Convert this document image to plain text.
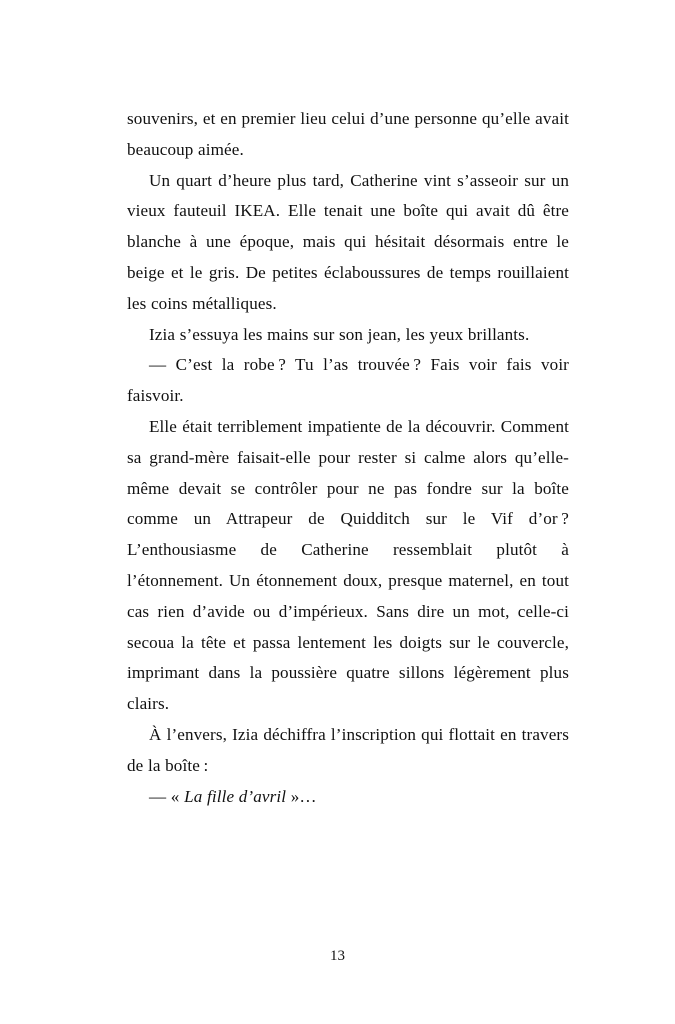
souvenirs, et en premier lieu celui d’une personne qu’elle avait beaucoup aimée.

Un quart d’heure plus tard, Catherine vint s’asseoir sur un vieux fauteuil IKEA. Elle tenait une boîte qui avait dû être blanche à une époque, mais qui hésitait désormais entre le beige et le gris. De petites éclaboussures de temps rouillaient les coins métalliques.

Izia s’essuya les mains sur son jean, les yeux brillants.

— C’est la robe ? Tu l’as trouvée ? Fais voir fais voir faisvoir.

Elle était terriblement impatiente de la découvrir. Comment sa grand-mère faisait-elle pour rester si calme alors qu’elle-même devait se contrôler pour ne pas fondre sur la boîte comme un Attrapeur de Quidditch sur le Vif d’or ? L’enthousiasme de Catherine ressemblait plutôt à l’étonnement. Un étonnement doux, presque maternel, en tout cas rien d’avide ou d’impérieux. Sans dire un mot, celle-ci secoua la tête et passa lentement les doigts sur le couvercle, imprimant dans la poussière quatre sillons légèrement plus clairs.

À l’envers, Izia déchiffra l’inscription qui flottait en travers de la boîte :

— « La fille d’avril »…

13
